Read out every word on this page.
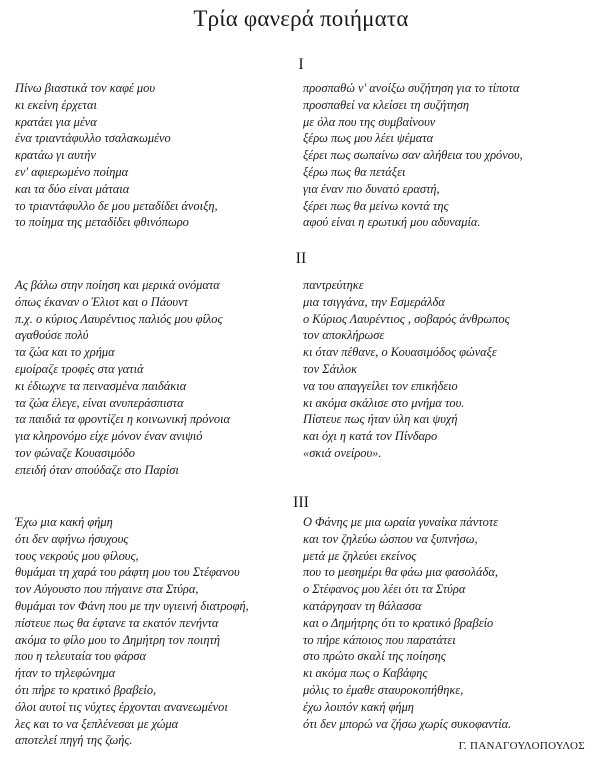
Τρία φανερά ποιήματα
I
Πίνω βιαστικά τον καφέ μου
κι εκείνη έρχεται
κρατάει για μένα
ένα τριαντάφυλλο τσαλακωμένο
κρατάω γι αυτήν
εν' αφιερωμένο ποίημα
και τα δύο είναι μάταια
το τριαντάφυλλο δε μου μεταδίδει άνοιξη,
το ποίημα της μεταδίδει φθινόπωρο
προσπαθώ ν' ανοίξω συζήτηση για το τίποτα
προσπαθεί να κλείσει τη συζήτηση
με όλα που της συμβαίνουν
ξέρω πως μου λέει ψέματα
ξέρει πως σωπαίνω σαν αλήθεια του χρόνου,
ξέρω πως θα πετάξει
για έναν πιο δυνατό εραστή,
ξέρει πως θα μείνω κοντά της
αφού είναι η ερωτική μου αδυναμία.
II
Ας βάλω στην ποίηση και μερικά ονόματα
όπως έκαναν ο Έλιοτ και ο Πάουντ
π.χ. ο κύριος Λαυρέντιος παλιός μου φίλος
αγαθούσε πολύ
τα ζώα και το χρήμα
εμοίραζε τροφές στα γατιά
κι έδιωχνε τα πεινασμένα παιδάκια
τα ζώα έλεγε, είναι ανυπεράσπιστα
τα παιδιά τα φροντίζει η κοινωνική πρόνοια
για κληρονόμο είχε μόνον έναν ανιψιό
τον φώναζε Κουασιμόδο
επειδή όταν σπούδαζε στο Παρίσι
παντρεύτηκε
μια τσιγγάνα, την Εσμεράλδα
ο Κύριος Λαυρέντιος , σοβαρός άνθρωπος
τον αποκλήρωσε
κι όταν πέθανε, ο Κουασιμόδος φώναξε
τον Σάιλοκ
να του απαγγείλει τον επικήδειο
κι ακόμα σκάλισε στο μνήμα του.
Πίστευε πως ήταν ύλη και ψυχή
και όχι η κατά τον Πίνδαρο
«σκιά ονείρου».
III
Έχω μια κακή φήμη
ότι δεν αφήνω ήσυχους
τους νεκρούς μου φίλους,
θυμάμαι τη χαρά του ράφτη μου του Στέφανου
τον Αύγουστο που πήγαινε στα Στύρα,
θυμάμαι τον Φάνη που με την υγιεινή διατροφή,
πίστευε πως θα έφτανε τα εκατόν πενήντα
ακόμα το φίλο μου το Δημήτρη τον ποιητή
που η τελευταία του φάρσα
ήταν το τηλεφώνημα
ότι πήρε το κρατικό βραβείο,
όλοι αυτοί τις νύχτες έρχονται ανανεωμένοι
λες και το να ξεπλένεσαι με χώμα
αποτελεί πηγή της ζωής.
Ο Φάνης με μια ωραία γυναίκα πάντοτε
και τον ζηλεύω ώσπου να ξυπνήσω,
μετά με ζηλεύει εκείνος
που το μεσημέρι θα φάω μια φασολάδα,
ο Στέφανος μου λέει ότι τα Στύρα
κατάργησαν τη θάλασσα
και ο Δημήτρης ότι το κρατικό βραβείο
το πήρε κάποιος που παρατάτει
στο πρώτο σκαλί της ποίησης
κι ακόμα πως ο Καβάφης
μόλις το έμαθε σταυροκοπήθηκε,
έχω λοιπόν κακή φήμη
ότι δεν μπορώ να ζήσω χωρίς συκοφαντία.
Γ. ΠΑΝΑΓΟΥΛΟΠΟΥΛΟΣ
